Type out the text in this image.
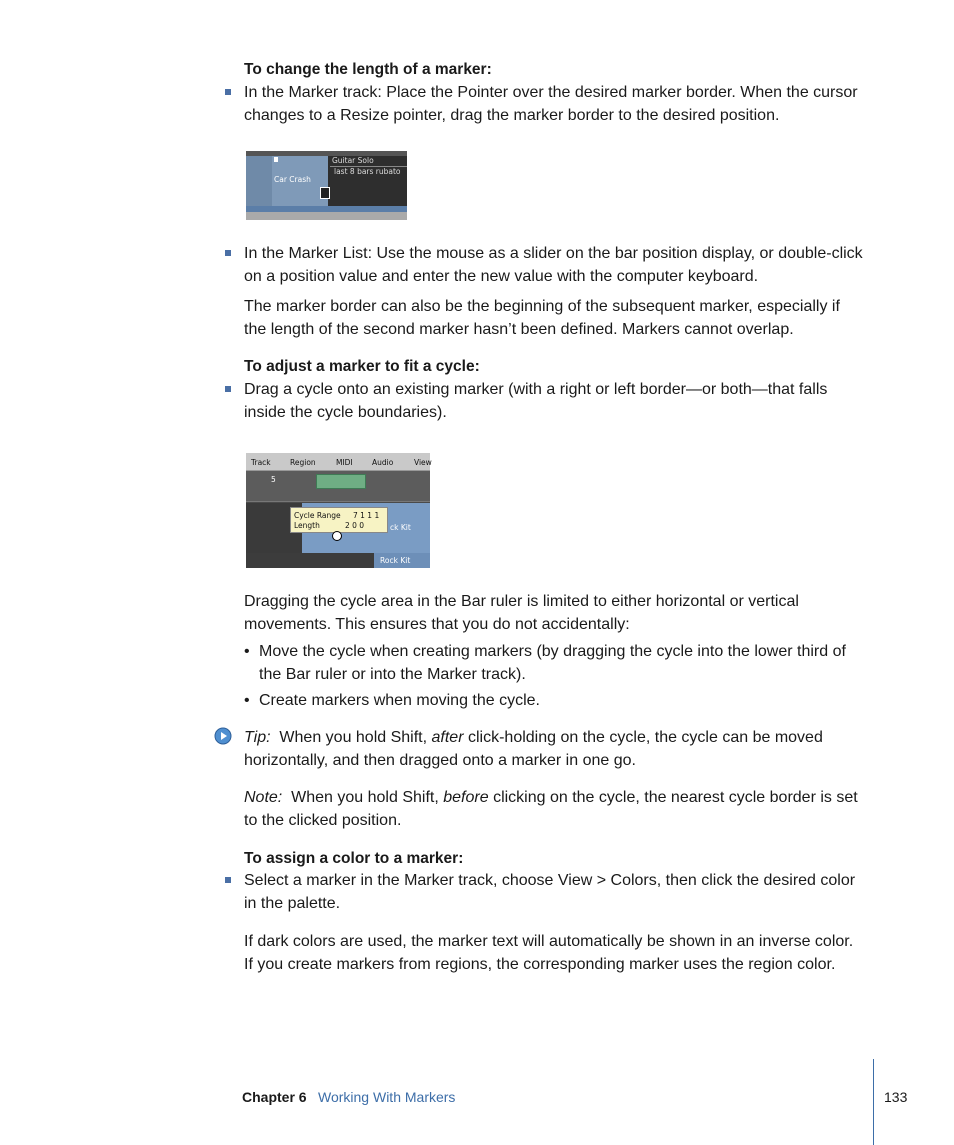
To change the length of a marker:
In the Marker track: Place the Pointer over the desired marker border. When the cursor
changes to a Resize pointer, drag the marker border to the desired position.
Car Crash
Guitar Solo
last 8 bars rubato
In the Marker List: Use the mouse as a slider on the bar position display, or double-click
on a position value and enter the new value with the computer keyboard.
The marker border can also be the beginning of the subsequent marker, especially if
the length of the second marker hasn’t been defined. Markers cannot overlap.
To adjust a marker to fit a cycle:
Drag a cycle onto an existing marker (with a right or left border—or both—that falls
inside the cycle boundaries).
Track	Region	MIDI	Audio	View
5
ck Kit
Cycle Range 7 1 1 1
Length	2 0 0
Rock Kit
Dragging the cycle area in the Bar ruler is limited to either horizontal or vertical
movements. This ensures that you do not accidentally:
• Move the cycle when creating markers (by dragging the cycle into the lower third of
the Bar ruler or into the Marker track).
• Create markers when moving the cycle.
Tip: When you hold Shift, after click-holding on the cycle, the cycle can be moved
horizontally, and then dragged onto a marker in one go.
Note: When you hold Shift, before clicking on the cycle, the nearest cycle border is set
to the clicked position.
To assign a color to a marker:
Select a marker in the Marker track, choose View > Colors, then click the desired color
in the palette.
If dark colors are used, the marker text will automatically be shown in an inverse color.
If you create markers from regions, the corresponding marker uses the region color.
Chapter 6 Working With Markers	133
